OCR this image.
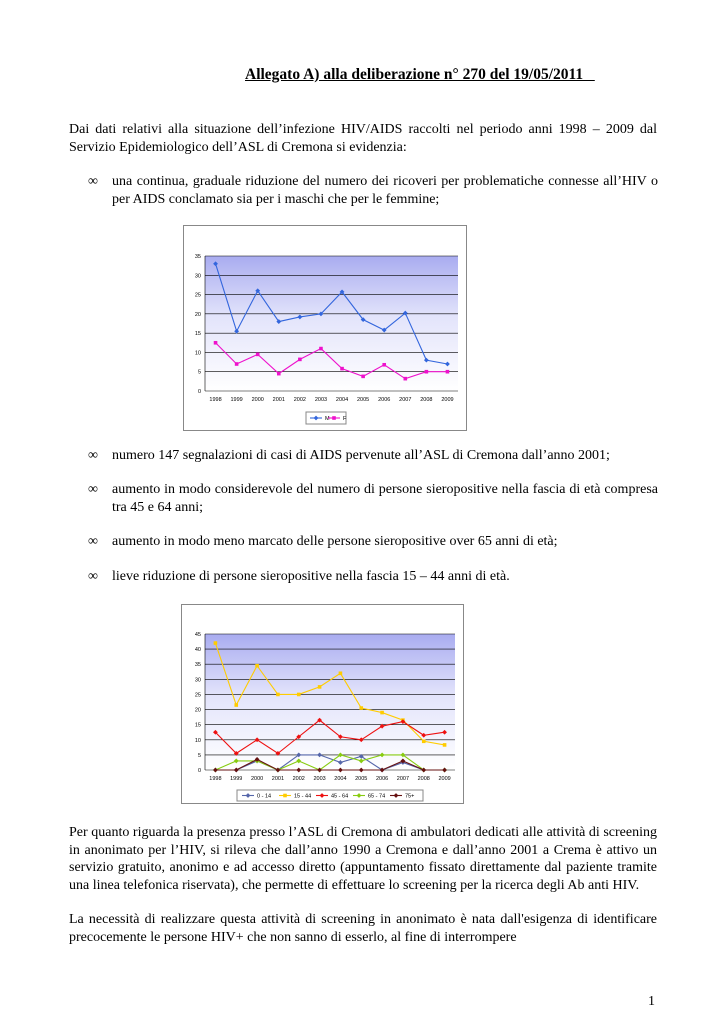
Allegato A) alla deliberazione n° 270 del 19/05/2011
Dai dati relativi alla situazione dell’infezione HIV/AIDS raccolti nel periodo anni 1998 – 2009 dal Servizio Epidemiologico dell’ASL di Cremona si evidenzia:
∞ una continua, graduale riduzione del numero dei ricoveri per problematiche connesse all’HIV o per AIDS conclamato sia per i maschi che per le femmine;
0
5
10
15
20
25
30
35
1998 1999 2000 2001 2002 2003 2004 2005 2006 2007 2008 2009
M F
∞ numero 147 segnalazioni di casi di AIDS pervenute all’ASL di Cremona dall’anno 2001;
∞ aumento in modo considerevole del numero di persone sieropositive nella fascia di età compresa tra 45 e 64 anni;
∞ aumento in modo meno marcato delle persone sieropositive over 65 anni di età;
∞ lieve riduzione di persone sieropositive nella fascia 15 – 44 anni di età.
0
5
10
15
20
25
30
35
40
45
1998 1999 2000 2001 2002 2003 2004 2005 2006 2007 2008 2009
0 - 14	15 - 44	45 - 64	65 - 74	75+
Per quanto riguarda la presenza presso l’ASL di Cremona di ambulatori dedicati alle attività di screening in anonimato per l’HIV, si rileva che dall’anno 1990 a Cremona e dall’anno 2001 a Crema è attivo un servizio gratuito, anonimo e ad accesso diretto (appuntamento fissato direttamente dal paziente tramite una linea telefonica riservata), che permette di effettuare lo screening per la ricerca degli Ab anti HIV.
La necessità di realizzare questa attività di screening in anonimato è nata dall'esigenza di identificare precocemente le persone HIV+ che non sanno di esserlo, al fine di interrompere
1
